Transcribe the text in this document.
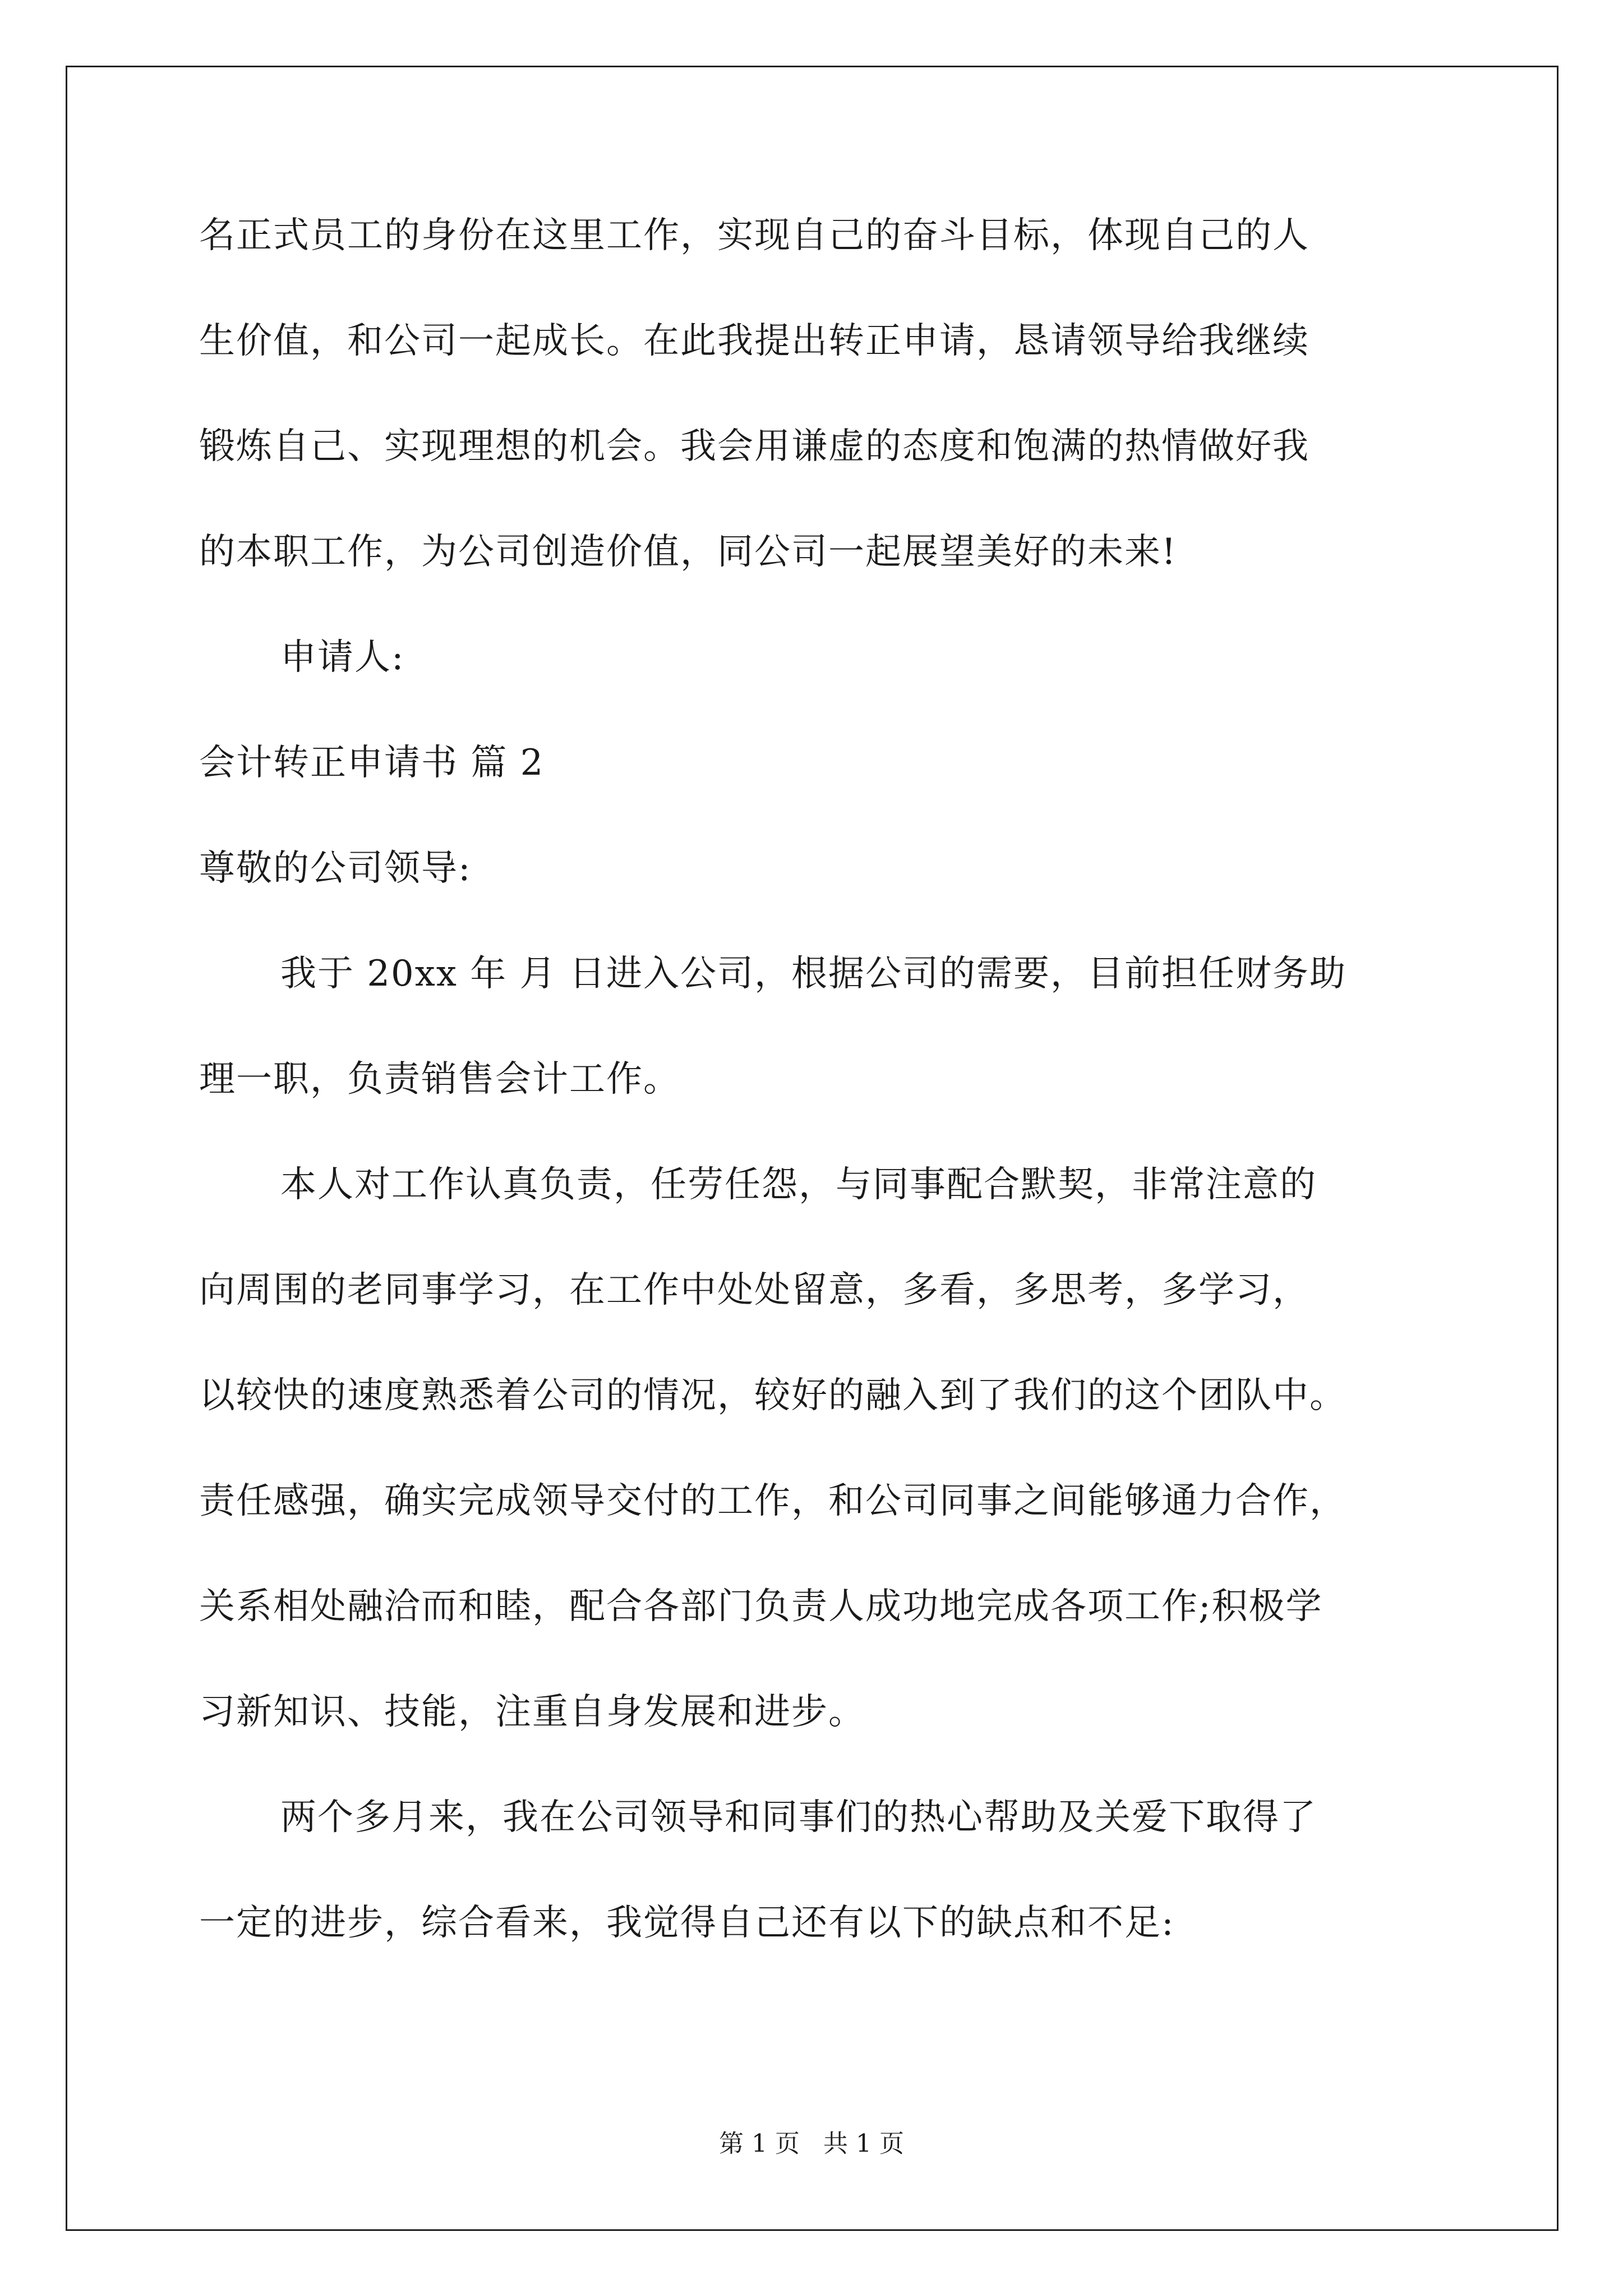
名正式员工的身份在这里工作，实现自己的奋斗目标，体现自己的人
生价值，和公司一起成长。在此我提出转正申请，恳请领导给我继续
锻炼自己、实现理想的机会。我会用谦虚的态度和饱满的热情做好我
的本职工作，为公司创造价值，同公司一起展望美好的未来!
申请人:
会计转正申请书 篇 2
尊敬的公司领导:
我于 20xx 年 月 日进入公司，根据公司的需要，目前担任财务助
理一职，负责销售会计工作。
本人对工作认真负责，任劳任怨，与同事配合默契，非常注意的
向周围的老同事学习，在工作中处处留意，多看，多思考，多学习，
以较快的速度熟悉着公司的情况，较好的融入到了我们的这个团队中。
责任感强，确实完成领导交付的工作，和公司同事之间能够通力合作，
关系相处融洽而和睦，配合各部门负责人成功地完成各项工作;积极学
习新知识、技能，注重自身发展和进步。
两个多月来，我在公司领导和同事们的热心帮助及关爱下取得了
一定的进步，综合看来，我觉得自己还有以下的缺点和不足:
第 1 页   共 1 页
